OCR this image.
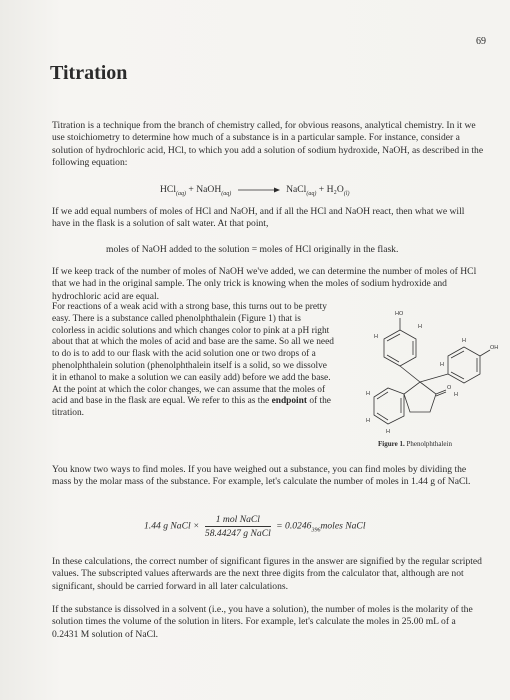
69
Titration
Titration is a technique from the branch of chemistry called, for obvious reasons, analytical chemistry. In it we use stoichiometry to determine how much of a substance is in a particular sample. For instance, consider a solution of hydrochloric acid, HCl, to which you add a solution of sodium hydroxide, NaOH, as described in the following equation:
HCl$_{(aq)}$ + NaOH$_{(aq)}$	NaCl$_{(aq)}$ + $H_2O_{(l)}$
If we add equal numbers of moles of HCl and NaOH, and if all the HCl and NaOH react, then what we will have in the flask is a solution of salt water. At that point,
moles of NaOH added to the solution = moles of HCl originally in the flask.
If we keep track of the number of moles of NaOH we've added, we can determine the number of moles of HCl that we had in the original sample. The only trick is knowing when the moles of sodium hydroxide and hydrochloric acid are equal.
For reactions of a weak acid with a strong base, this turns out to be pretty easy. There is a substance called phenolphthalein (Figure 1) that is colorless in acidic solutions and which changes color to pink at a pH right about that at which the moles of acid and base are the same. So all we need to do is to add to our flask with the acid solution one or two drops of a phenolphthalein solution (phenolphthalein itself is a solid, so we dissolve it in ethanol to make a solution we can easily add) before we add the base. At the point at which the color changes, we can assume that the moles of acid and base in the flask are equal. We refer to this as the endpoint of the titration.
HO
OH
O
H
H
H
H
H
H
H
H
Figure 1. Phenolphthalein
You know two ways to find moles. If you have weighed out a substance, you can find moles by dividing the mass by the molar mass of the substance. For example, let's calculate the number of moles in 1.44 g of NaCl.
1.44 g NaCl × $\frac{\text{1 mol NaCl}}{\text{58.44247 g NaCl}}$ = $0.0246_{396}moles$ NaCl
In these calculations, the correct number of significant figures in the answer are signified by the regular scripted values. The subscripted values afterwards are the next three digits from the calculator that, although are not significant, should be carried forward in all later calculations.
If the substance is dissolved in a solvent (i.e., you have a solution), the number of moles is the molarity of the solution times the volume of the solution in liters. For example, let's calculate the moles in 25.00 mL of a 0.2431 M solution of NaCl.
